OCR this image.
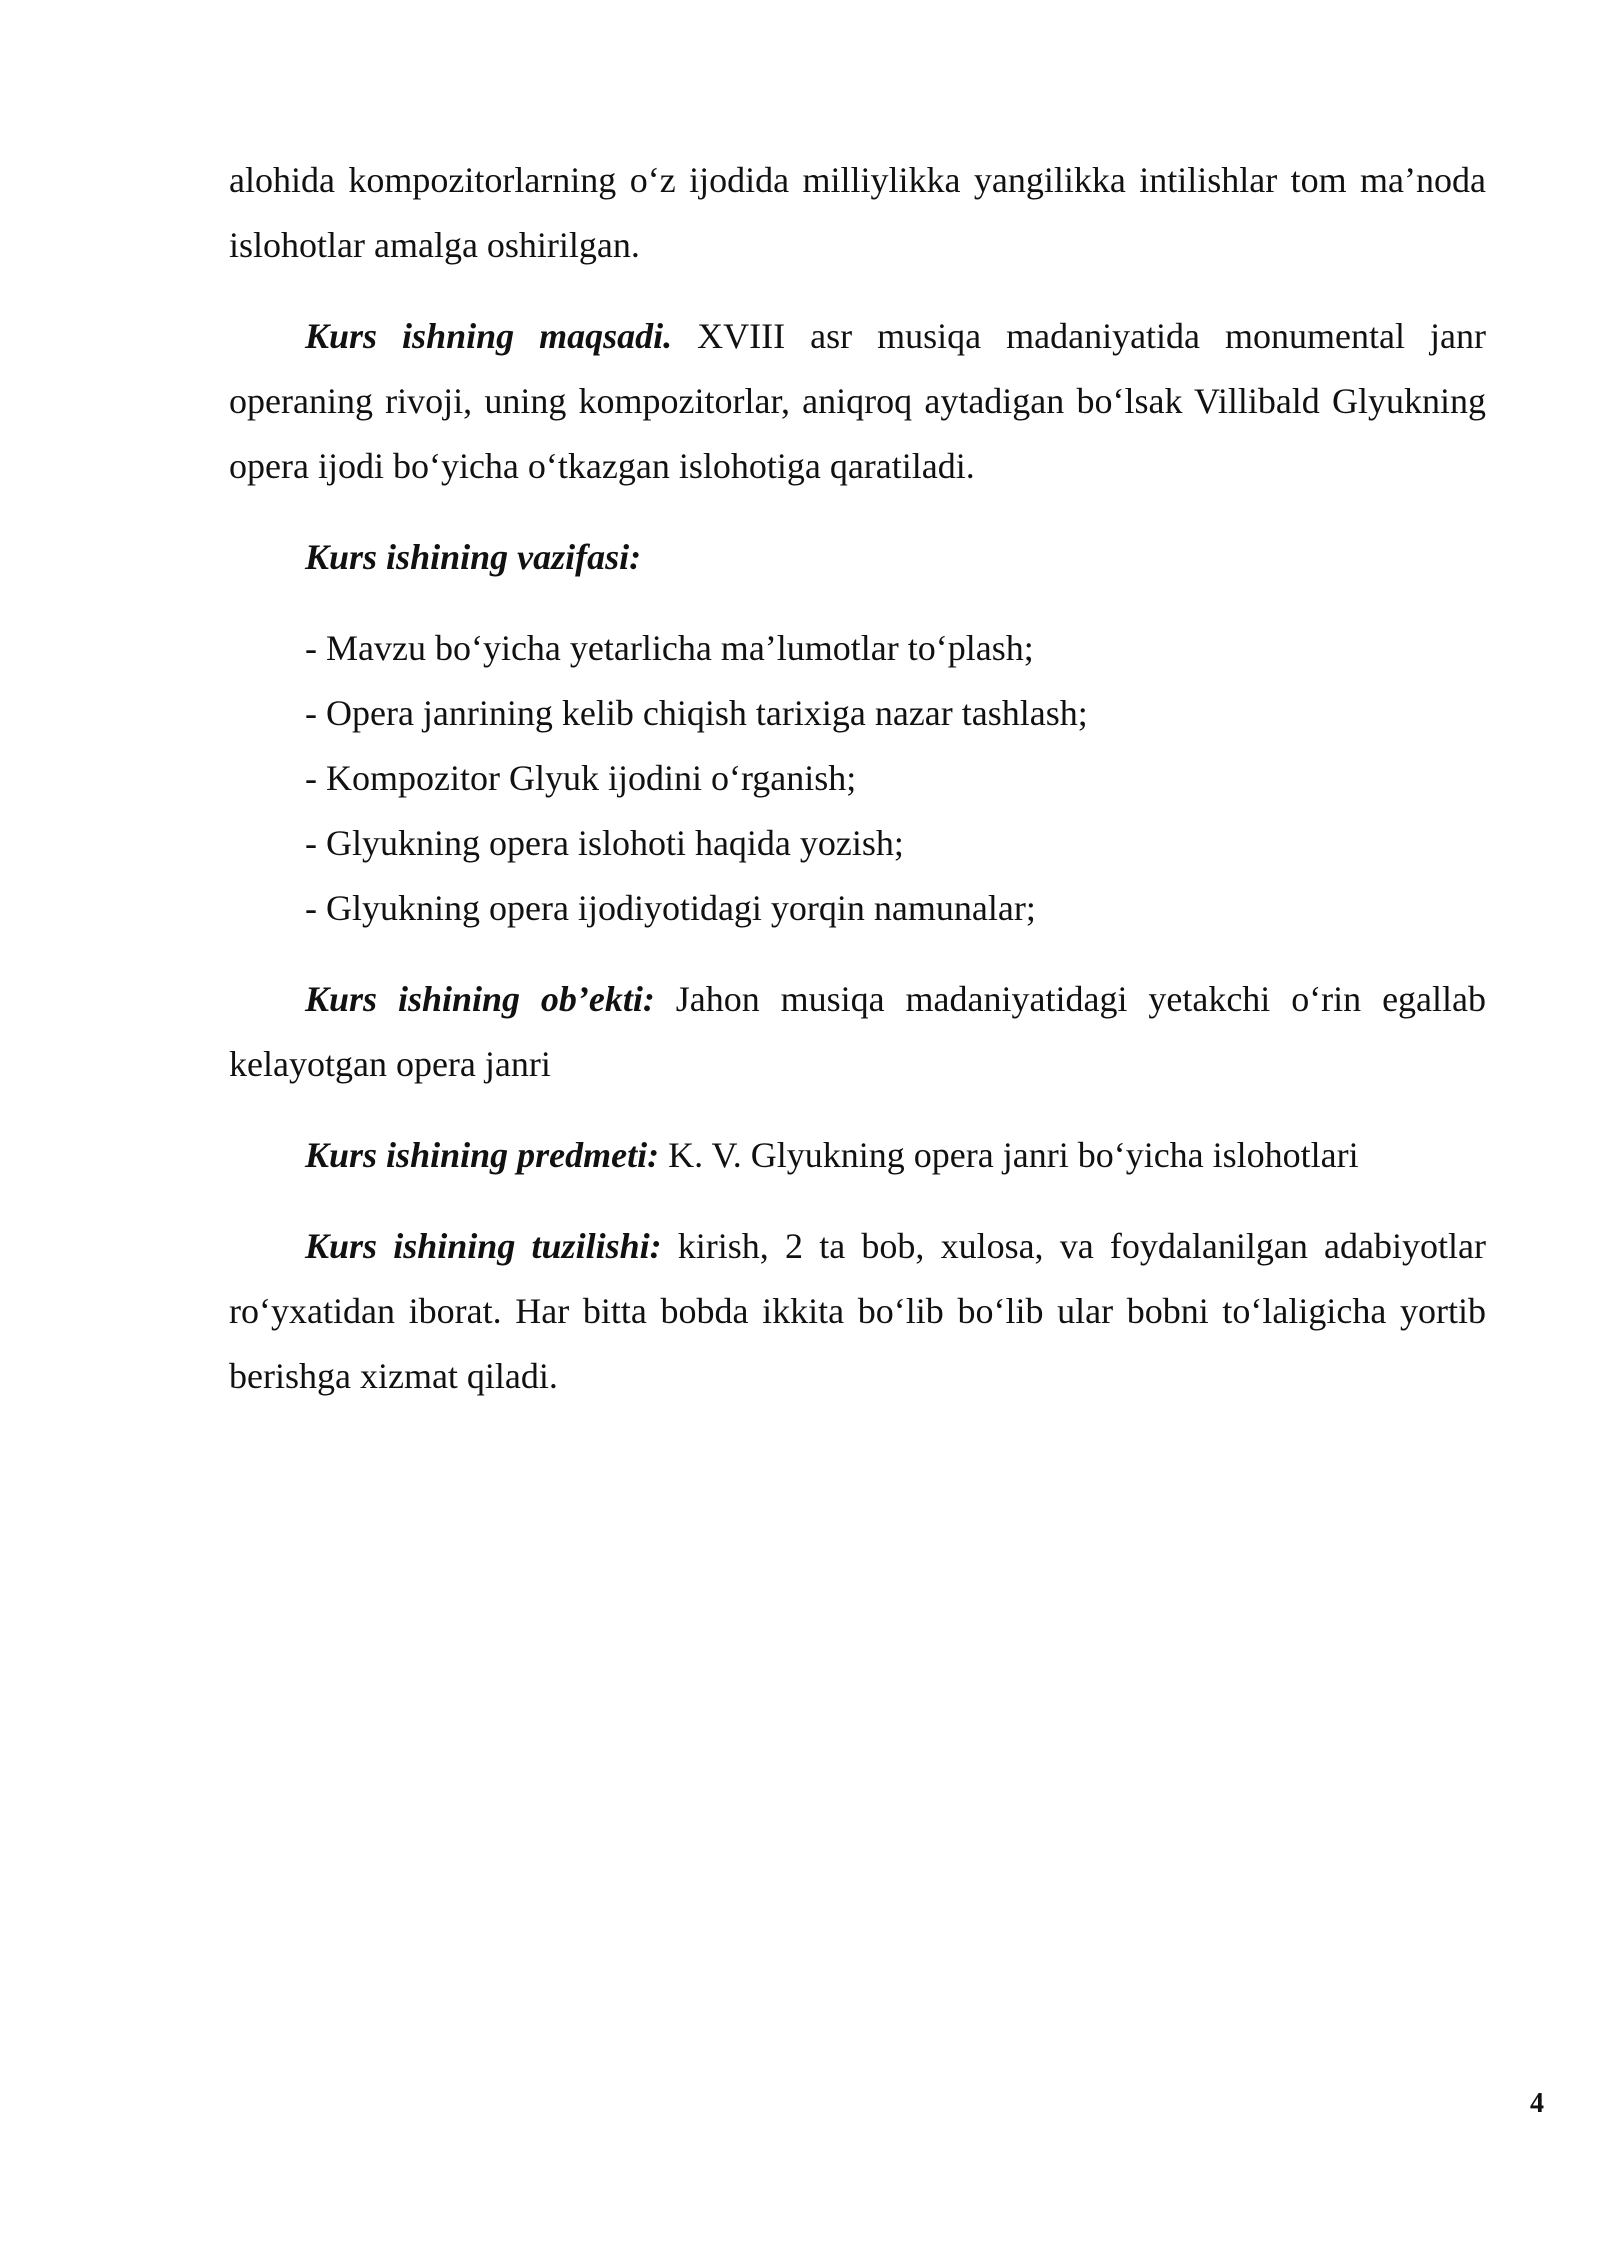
alohida kompozitorlarning o‘z ijodida milliylikka yangilikka intilishlar tom ma’noda islohotlar amalga oshirilgan.

Kurs ishning maqsadi. XVIII asr musiqa madaniyatida monumental janr operaning rivoji, uning kompozitorlar, aniqroq aytadigan bo‘lsak Villibald Glyukning opera ijodi bo‘yicha o‘tkazgan islohotiga qaratiladi.

Kurs ishining vazifasi:

- Mavzu bo‘yicha yetarlicha ma’lumotlar to‘plash;
- Opera janrining kelib chiqish tarixiga nazar tashlash;
- Kompozitor Glyuk ijodini o‘rganish;
- Glyukning opera islohoti haqida yozish;
- Glyukning opera ijodiyotidagi yorqin namunalar;

Kurs ishining ob’ekti: Jahon musiqa madaniyatidagi yetakchi o‘rin egallab kelayotgan opera janri

Kurs ishining predmeti: K. V. Glyukning opera janri bo‘yicha islohotlari

Kurs ishining tuzilishi: kirish, 2 ta bob, xulosa, va foydalanilgan adabiyotlar ro‘yxatidan iborat. Har bitta bobda ikkita bo‘lib bo‘lib ular bobni to‘laligicha yortib berishga xizmat qiladi.

4
